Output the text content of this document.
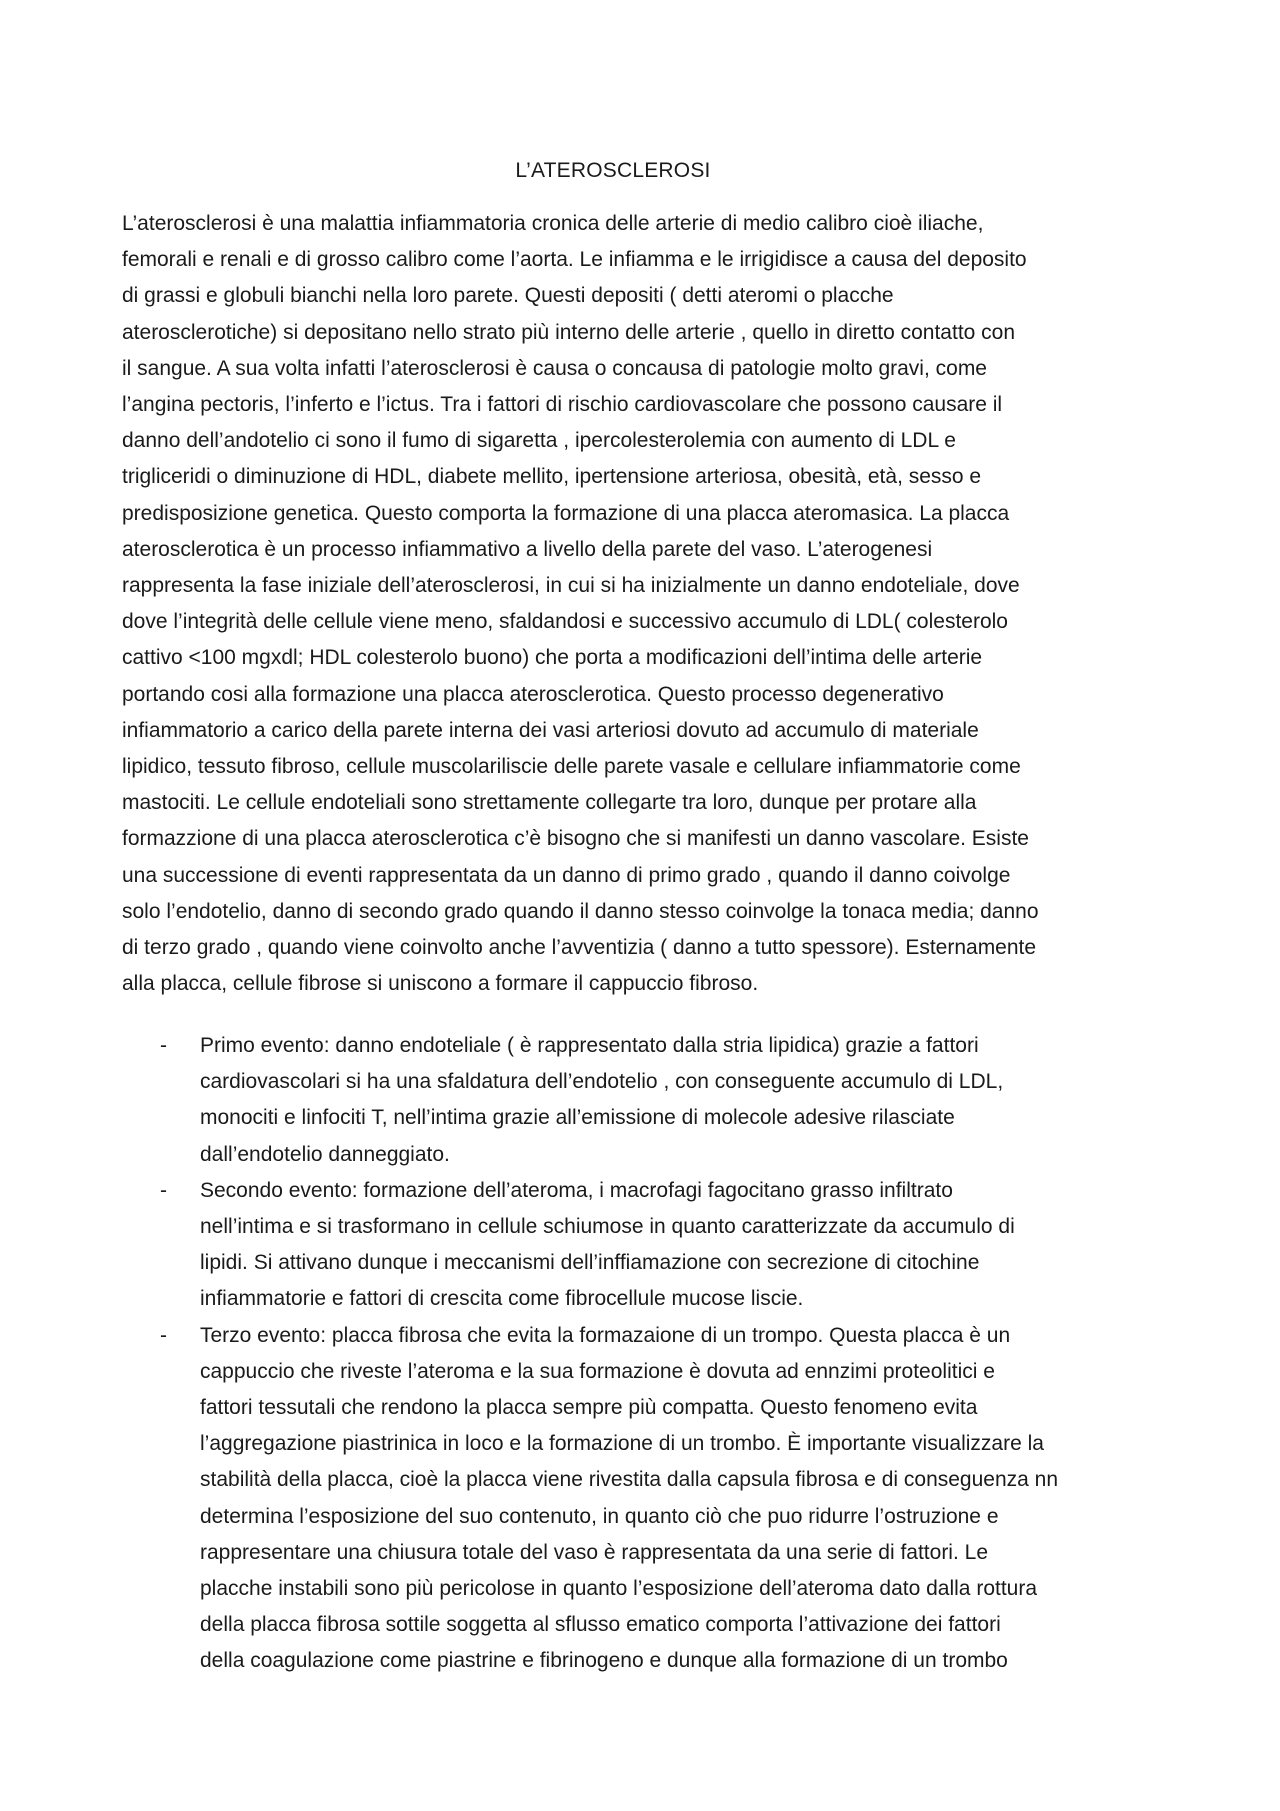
L’ATEROSCLEROSI
L’aterosclerosi è una malattia infiammatoria cronica delle arterie di medio calibro cioè iliache,
femorali e renali e di grosso calibro come l’aorta. Le infiamma e le irrigidisce a causa del deposito
di grassi e globuli bianchi nella loro parete. Questi depositi ( detti ateromi o placche
aterosclerotiche) si depositano nello strato più interno delle arterie , quello in diretto contatto con
il sangue. A sua volta infatti l’aterosclerosi è causa o concausa di patologie molto gravi, come
l’angina pectoris, l’inferto e l’ictus. Tra i fattori di rischio cardiovascolare che possono causare il
danno dell’andotelio ci sono il fumo di sigaretta , ipercolesterolemia con aumento di LDL e
trigliceridi o diminuzione di HDL, diabete mellito, ipertensione arteriosa, obesità, età, sesso e
predisposizione genetica. Questo comporta la formazione di una placca ateromasica. La placca
aterosclerotica è un processo infiammativo a livello della parete del vaso. L’aterogenesi
rappresenta la fase iniziale dell’aterosclerosi, in cui si ha inizialmente un danno endoteliale, dove
dove l’integrità delle cellule viene meno, sfaldandosi e successivo accumulo di LDL( colesterolo
cattivo <100 mgxdl; HDL colesterolo buono) che porta a modificazioni dell’intima delle arterie
portando cosi alla formazione una placca aterosclerotica. Questo processo degenerativo
infiammatorio a carico della parete interna dei vasi arteriosi dovuto ad accumulo di materiale
lipidico, tessuto fibroso, cellule muscolariliscie delle parete vasale e cellulare infiammatorie come
mastociti. Le cellule endoteliali sono strettamente collegarte tra loro, dunque per protare alla
formazzione di una placca aterosclerotica c’è bisogno che si manifesti un danno vascolare. Esiste
una successione di eventi rappresentata da un danno di primo grado , quando il danno coivolge
solo l’endotelio, danno di secondo grado quando il danno stesso coinvolge la tonaca media; danno
di terzo grado , quando viene coinvolto anche l’avventizia ( danno a tutto spessore). Esternamente
alla placca, cellule fibrose si uniscono a formare il cappuccio fibroso.
- Primo evento: danno endoteliale ( è rappresentato dalla stria lipidica) grazie a fattori
cardiovascolari si ha una sfaldatura dell’endotelio , con conseguente accumulo di LDL,
monociti e linfociti T, nell’intima grazie all’emissione di molecole adesive rilasciate
dall’endotelio danneggiato.
- Secondo evento: formazione dell’ateroma, i macrofagi fagocitano grasso infiltrato
nell’intima e si trasformano in cellule schiumose in quanto caratterizzate da accumulo di
lipidi. Si attivano dunque i meccanismi dell’inffiamazione con secrezione di citochine
infiammatorie e fattori di crescita come fibrocellule mucose liscie.
- Terzo evento: placca fibrosa che evita la formazaione di un trompo. Questa placca è un
cappuccio che riveste l’ateroma e la sua formazione è dovuta ad ennzimi proteolitici e
fattori tessutali che rendono la placca sempre più compatta. Questo fenomeno evita
l’aggregazione piastrinica in loco e la formazione di un trombo. È importante visualizzare la
stabilità della placca, cioè la placca viene rivestita dalla capsula fibrosa e di conseguenza nn
determina l’esposizione del suo contenuto, in quanto ciò che puo ridurre l’ostruzione e
rappresentare una chiusura totale del vaso è rappresentata da una serie di fattori. Le
placche instabili sono più pericolose in quanto l’esposizione dell’ateroma dato dalla rottura
della placca fibrosa sottile soggetta al sflusso ematico comporta l’attivazione dei fattori
della coagulazione come piastrine e fibrinogeno e dunque alla formazione di un trombo
